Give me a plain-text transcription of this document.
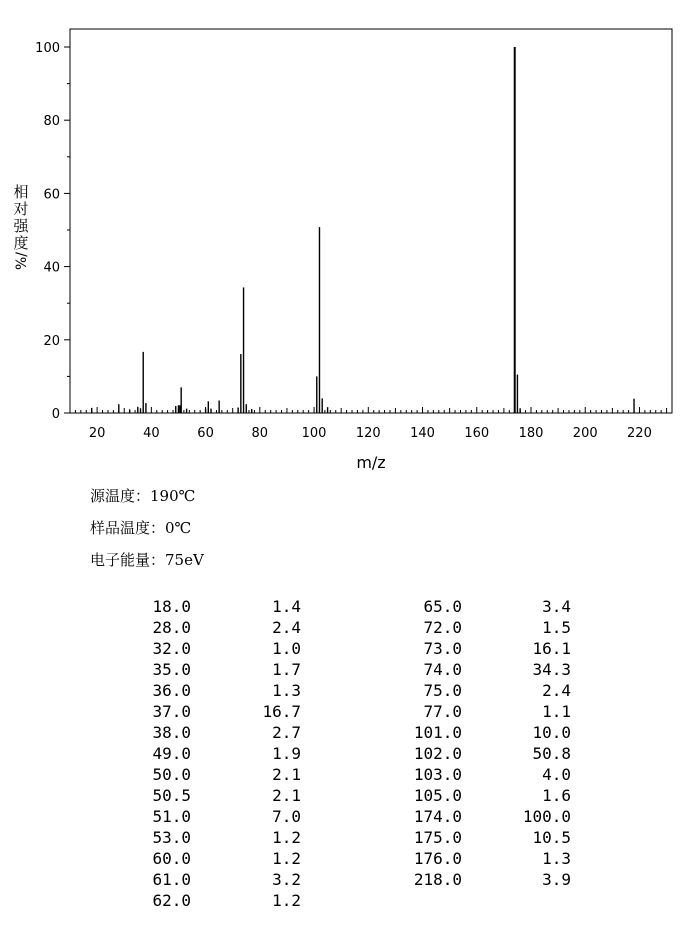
0
20
40
60
80
100
20	40	60	80	100 120 140 160 180 200 220
m/z
相
对
强
度
%/
源温度：190℃
样品温度：0℃
电子能量：75eV
18.0	1.4
28.0	2.4
32.0	1.0
35.0	1.7
36.0	1.3
37.0	16.7
38.0	2.7
49.0	1.9
50.0	2.1
50.5	2.1
51.0	7.0
53.0	1.2
60.0	1.2
61.0	3.2
62.0	1.2
65.0	3.4
72.0	1.5
73.0	16.1
74.0	34.3
75.0	2.4
77.0	1.1
101.0	10.0
102.0	50.8
103.0	4.0
105.0	1.6
174.0	100.0
175.0	10.5
176.0	1.3
218.0	3.9
